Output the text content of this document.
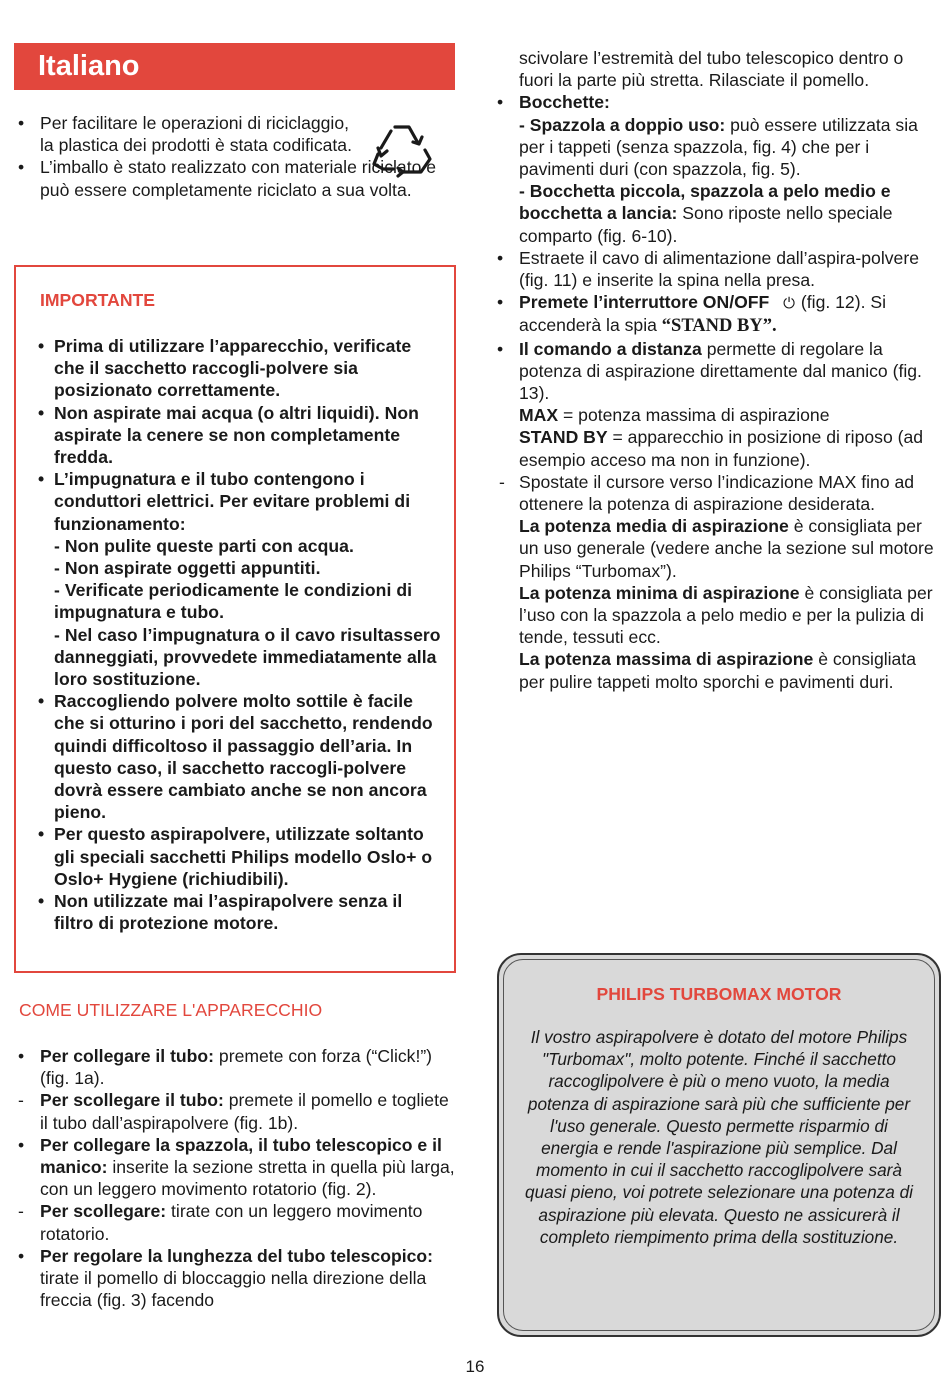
Italiano
• Per facilitare le operazioni di riciclaggio, la plastica dei prodotti è stata codificata.
• L’imballo è stato realizzato con materiale riciclato e può essere completamente riciclato a sua volta.
IMPORTANTE
• Prima di utilizzare l’apparecchio, verificate che il sacchetto raccogli-polvere sia posizionato correttamente.
• Non aspirate mai acqua (o altri liquidi). Non aspirate la cenere se non completamente fredda.
• L’impugnatura e il tubo contengono i conduttori elettrici. Per evitare problemi di funzionamento:
- Non pulite queste parti con acqua.
- Non aspirate oggetti appuntiti.
- Verificate periodicamente le condizioni di impugnatura e tubo.
- Nel caso l’impugnatura o il cavo risultassero danneggiati, provvedete immediatamente alla loro sostituzione.
• Raccogliendo polvere molto sottile è facile che si otturino i pori del sacchetto, rendendo quindi difficoltoso il passaggio dell’aria. In questo caso, il sacchetto raccogli-polvere dovrà essere cambiato anche se non ancora pieno.
• Per questo aspirapolvere, utilizzate soltanto gli speciali sacchetti Philips modello Oslo+ o Oslo+ Hygiene (richiudibili).
• Non utilizzate mai l’aspirapolvere senza il filtro di protezione motore.
COME UTILIZZARE L'APPARECCHIO
• Per collegare il tubo: premete con forza (“Click!”) (fig. 1a).
- Per scollegare il tubo: premete il pomello e togliete il tubo dall’aspirapolvere (fig. 1b).
• Per collegare la spazzola, il tubo telescopico e il manico: inserite la sezione stretta in quella più larga, con un leggero movimento rotatorio (fig. 2).
- Per scollegare: tirate con un leggero movimento rotatorio.
• Per regolare la lunghezza del tubo telescopico: tirate il pomello di bloccaggio nella direzione della freccia (fig. 3) facendo
scivolare l’estremità del tubo telescopico dentro o fuori la parte più stretta. Rilasciate il pomello.
• Bocchette:
- Spazzola a doppio uso: può essere utilizzata sia per i tappeti (senza spazzola, fig. 4) che per i pavimenti duri (con spazzola, fig. 5).
- Bocchetta piccola, spazzola a pelo medio e bocchetta a lancia: Sono riposte nello speciale comparto (fig. 6-10).
• Estraete il cavo di alimentazione dall’aspira-polvere (fig. 11) e inserite la spina nella presa.
• Premete l’interruttore ON/OFF ⏻ (fig. 12). Si accenderà la spia “STAND BY”.
• Il comando a distanza permette di regolare la potenza di aspirazione direttamente dal manico (fig. 13).
MAX = potenza massima di aspirazione
STAND BY = apparecchio in posizione di riposo (ad esempio acceso ma non in funzione).
- Spostate il cursore verso l’indicazione MAX fino ad ottenere la potenza di aspirazione desiderata.
La potenza media di aspirazione è consigliata per un uso generale (vedere anche la sezione sul motore Philips “Turbomax”).
La potenza minima di aspirazione è consigliata per l’uso con la spazzola a pelo medio e per la pulizia di tende, tessuti ecc.
La potenza massima di aspirazione è consigliata per pulire tappeti molto sporchi e pavimenti duri.
PHILIPS TURBOMAX MOTOR
Il vostro aspirapolvere è dotato del motore Philips "Turbomax", molto potente. Finché il sacchetto raccoglipolvere è più o meno vuoto, la media potenza di aspirazione sarà più che sufficiente per l'uso generale. Questo permette risparmio di energia e rende l'aspirazione più semplice. Dal momento in cui il sacchetto raccoglipolvere sarà quasi pieno, voi potrete selezionare una potenza di aspirazione più elevata. Questo ne assicurerà il completo riempimento prima della sostituzione.
16
